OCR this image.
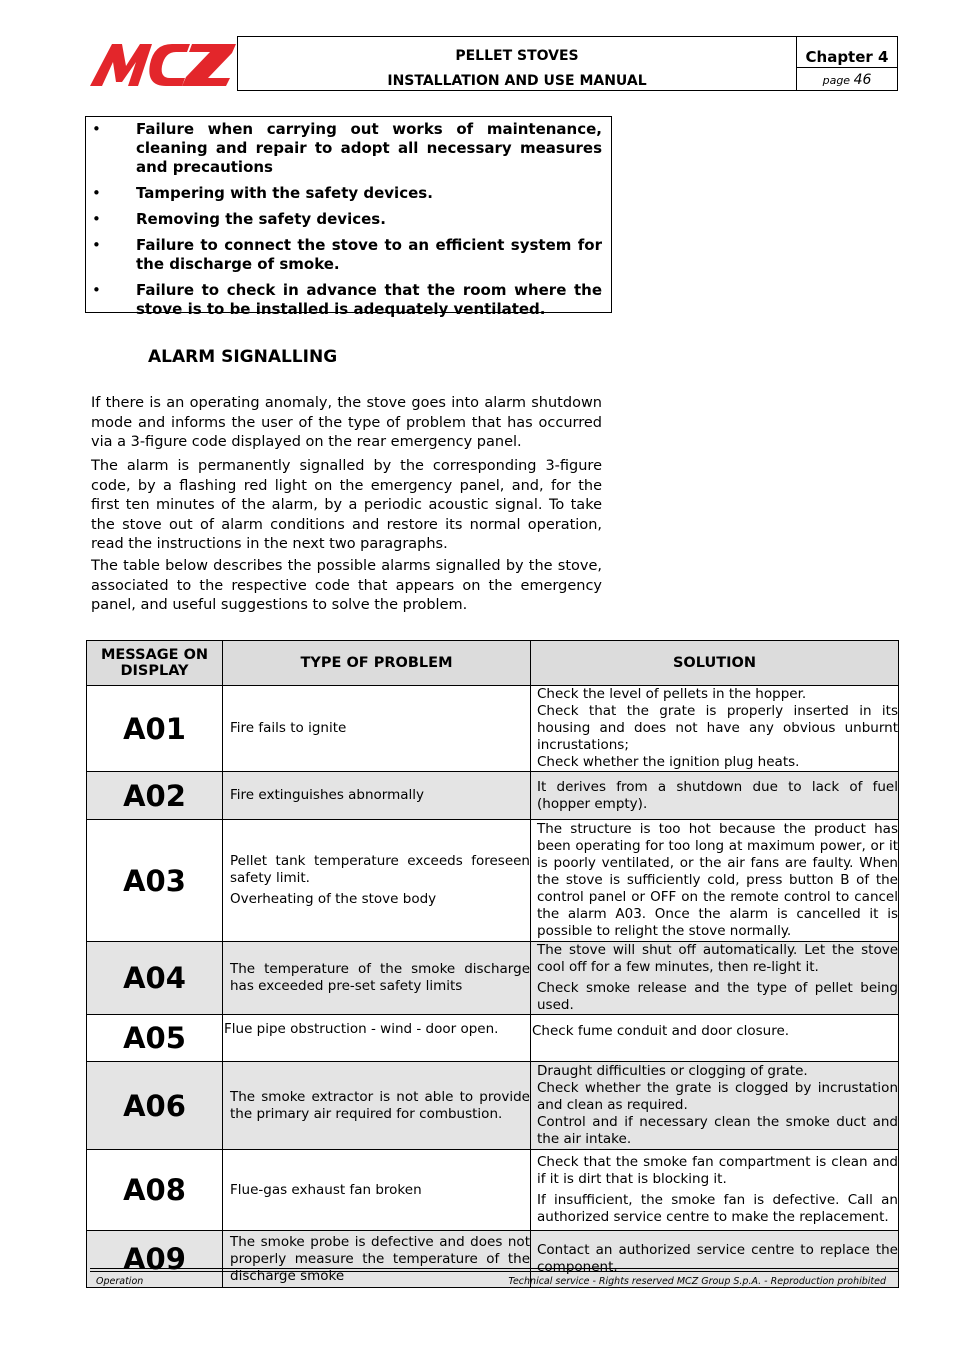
PELLET STOVES
INSTALLATION AND USE MANUAL
Chapter 4
page 46
• Failure when carrying out works of maintenance, cleaning and repair to adopt all necessary measures and precautions
• Tampering with the safety devices.
• Removing the safety devices.
• Failure to connect the stove to an efficient system for the discharge of smoke.
• Failure to check in advance that the room where the stove is to be installed is adequately ventilated.
ALARM SIGNALLING

If there is an operating anomaly, the stove goes into alarm shutdown mode and informs the user of the type of problem that has occurred via a 3-figure code displayed on the rear emergency panel.

The alarm is permanently signalled by the corresponding 3-figure code, by a flashing red light on the emergency panel, and, for the first ten minutes of the alarm, by a periodic acoustic signal. To take the stove out of alarm conditions and restore its normal operation, read the instructions in the next two paragraphs.

The table below describes the possible alarms signalled by the stove, associated to the respective code that appears on the emergency panel, and useful suggestions to solve the problem.

MESSAGE ON DISPLAY	TYPE OF PROBLEM	SOLUTION
A01	Fire fails to ignite	Check the level of pellets in the hopper.

Check that the grate is properly inserted in its housing and does not have any obvious unburnt incrustations;

Check whether the ignition plug heats.

A02	Fire extinguishes abnormally	It derives from a shutdown due to lack of fuel (hopper empty).

A03	Pellet tank temperature exceeds foreseen safety limit.

Overheating of the stove body	The structure is too hot because the product has been operating for too long at maximum power, or it is poorly ventilated, or the air fans are faulty. When the stove is sufficiently cold, press button B of the control panel or OFF on the remote control to cancel the alarm A03. Once the alarm is cancelled it is possible to relight the stove normally.

A04	The temperature of the smoke discharge has exceeded pre-set safety limits	The stove will shut off automatically. Let the stove cool off for a few minutes, then re-light it.

Check smoke release and the type of pellet being used.

A05	Flue pipe obstruction - wind - door open.	Check fume conduit and door closure.

A06	The smoke extractor is not able to provide the primary air required for combustion.	Draught difficulties or clogging of grate.

Check whether the grate is clogged by incrustation and clean as required.

Control and if necessary clean the smoke duct and the air intake.

A08	Flue-gas exhaust fan broken	Check that the smoke fan compartment is clean and if it is dirt that is blocking it.

If insufficient, the smoke fan is defective. Call an authorized service centre to make the replacement.

A09	The smoke probe is defective and does not properly measure the temperature of the discharge smoke	Contact an authorized service centre to replace the component.

Operation	Technical service - Rights reserved MCZ Group S.p.A. - Reproduction prohibited
